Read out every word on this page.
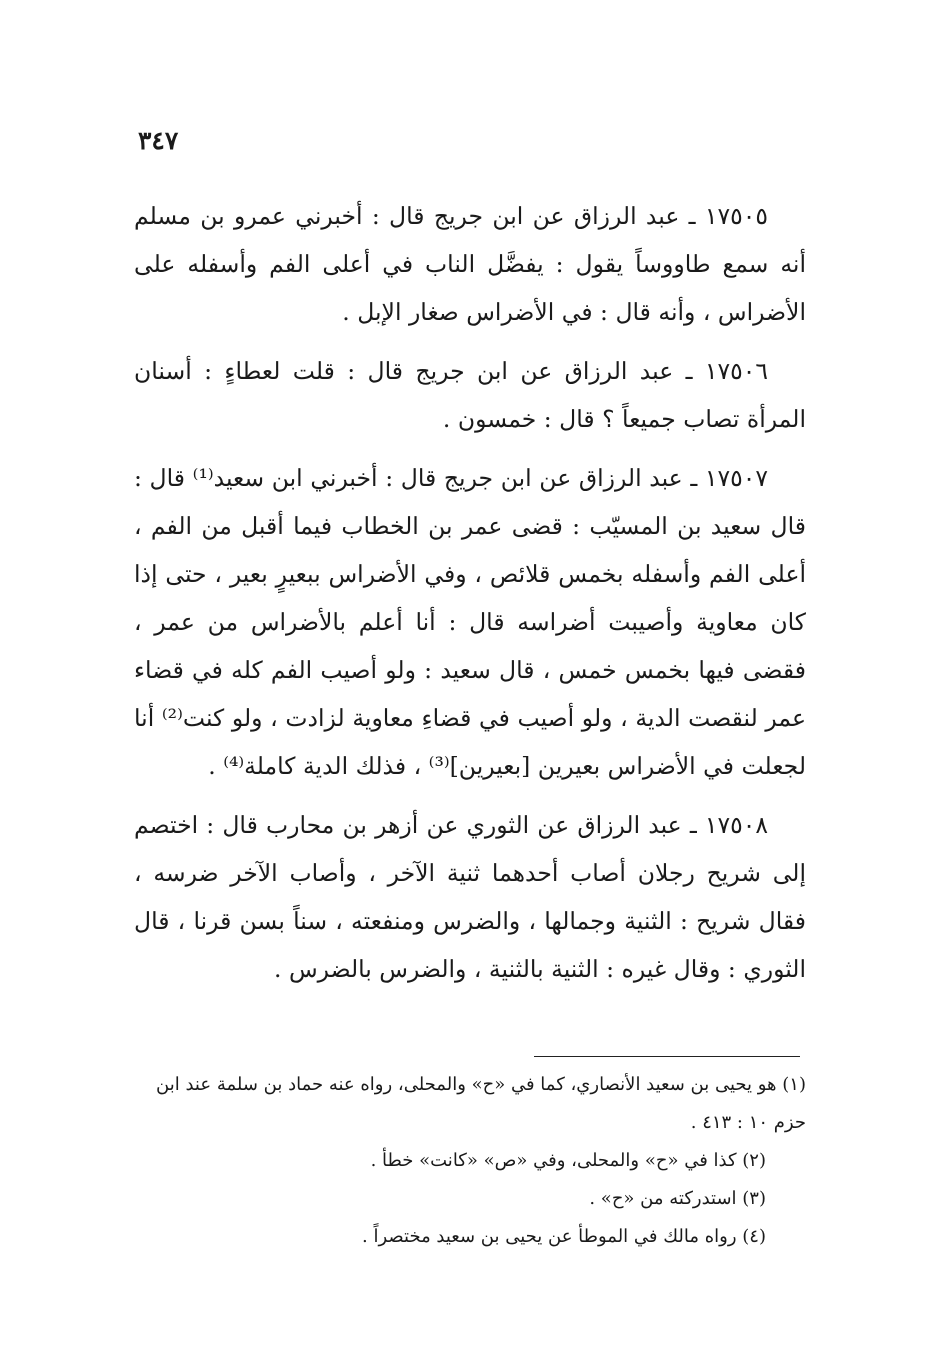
٣٤٧

١٧٥٠٥ ـ عبد الرزاق عن ابن جريج قال : أخبرني عمرو بن مسلم أنه سمع طاووساً يقول : يفضَّل الناب في أعلى الفم وأسفله على الأضراس ، وأنه قال : في الأضراس صغار الإبل .

١٧٥٠٦ ـ عبد الرزاق عن ابن جريج قال : قلت لعطاءٍ : أسنان المرأة تصاب جميعاً ؟ قال : خمسون .

١٧٥٠٧ ـ عبد الرزاق عن ابن جريج قال : أخبرني ابن سعيد⁽¹⁾ قال : قال سعيد بن المسيّب : قضى عمر بن الخطاب فيما أقبل من الفم ، أعلى الفم وأسفله بخمس قلائص ، وفي الأضراس ببعيرٍ بعير ، حتى إذا كان معاوية وأصيبت أضراسه قال : أنا أعلم بالأضراس من عمر ، فقضى فيها بخمس خمس ، قال سعيد : ولو أصيب الفم كله في قضاء عمر لنقصت الدية ، ولو أصيب في قضاءِ معاوية لزادت ، ولو كنت⁽²⁾ أنا لجعلت في الأضراس بعيرين [بعيرين]⁽³⁾ ، فذلك الدية كاملة⁽⁴⁾ .

١٧٥٠٨ ـ عبد الرزاق عن الثوري عن أزهر بن محارب قال : اختصم إلى شريح رجلان أصاب أحدهما ثنية الآخر ، وأصاب الآخر ضرسه ، فقال شريح : الثنية وجمالها ، والضرس ومنفعته ، سناً بسن قرنا ، قال الثوري : وقال غيره : الثنية بالثنية ، والضرس بالضرس .

(١) هو يحيى بن سعيد الأنصاري، كما في «ح» والمحلى، رواه عنه حماد بن سلمة عند ابن حزم ١٠ : ٤١٣ .

(٢) كذا في «ح» والمحلى، وفي «ص» «كانت» خطأ .

(٣) استدركته من «ح» .

(٤) رواه مالك في الموطأ عن يحيى بن سعيد مختصراً .
